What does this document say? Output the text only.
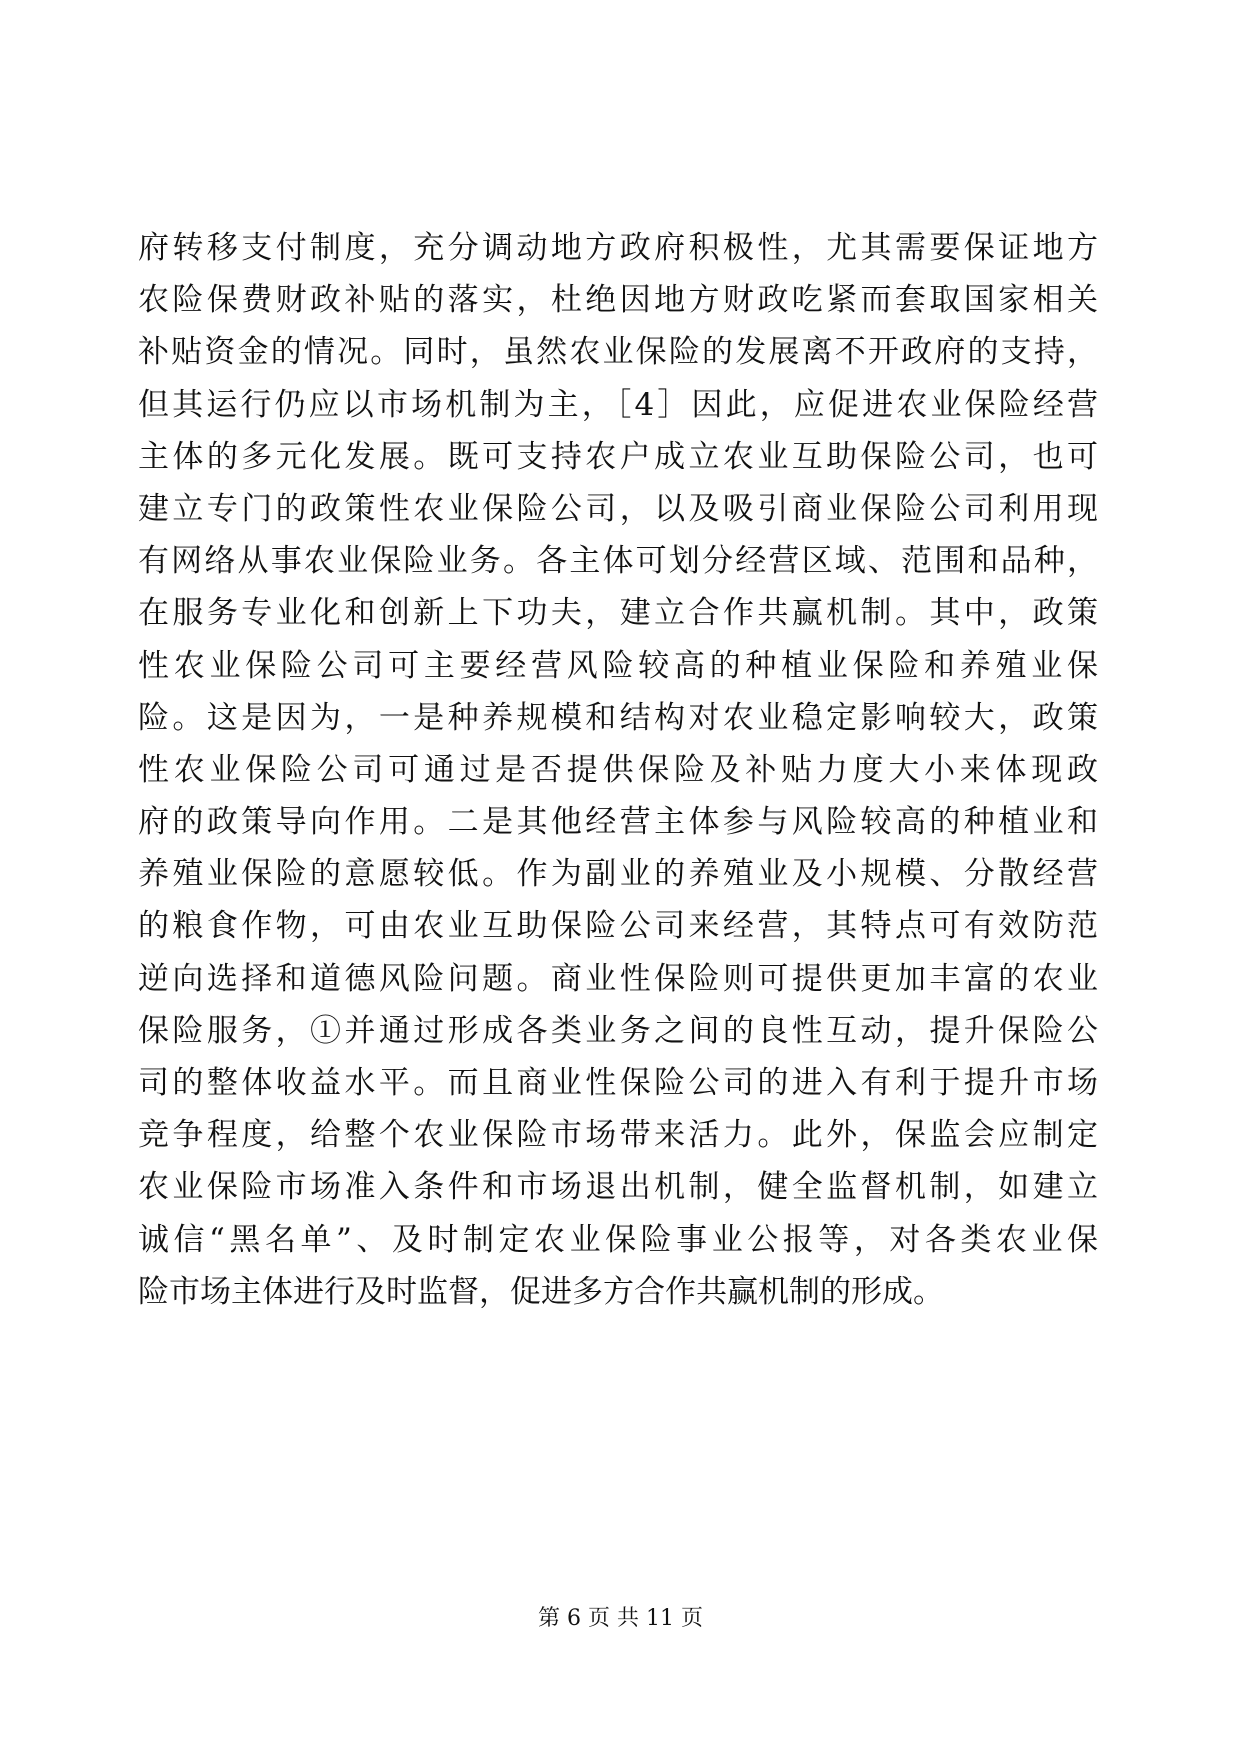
府转移支付制度，充分调动地方政府积极性，尤其需要保证地方
农险保费财政补贴的落实，杜绝因地方财政吃紧而套取国家相关
补贴资金的情况。同时，虽然农业保险的发展离不开政府的支持，
但其运行仍应以市场机制为主，［4］因此，应促进农业保险经营
主体的多元化发展。既可支持农户成立农业互助保险公司，也可
建立专门的政策性农业保险公司，以及吸引商业保险公司利用现
有网络从事农业保险业务。各主体可划分经营区域、范围和品种，
在服务专业化和创新上下功夫，建立合作共赢机制。其中，政策
性农业保险公司可主要经营风险较高的种植业保险和养殖业保
险。这是因为，一是种养规模和结构对农业稳定影响较大，政策
性农业保险公司可通过是否提供保险及补贴力度大小来体现政
府的政策导向作用。二是其他经营主体参与风险较高的种植业和
养殖业保险的意愿较低。作为副业的养殖业及小规模、分散经营
的粮食作物，可由农业互助保险公司来经营，其特点可有效防范
逆向选择和道德风险问题。商业性保险则可提供更加丰富的农业
保险服务，①并通过形成各类业务之间的良性互动，提升保险公
司的整体收益水平。而且商业性保险公司的进入有利于提升市场
竞争程度，给整个农业保险市场带来活力。此外，保监会应制定
农业保险市场准入条件和市场退出机制，健全监督机制，如建立
诚信“黑名单”、及时制定农业保险事业公报等，对各类农业保
险市场主体进行及时监督，促进多方合作共赢机制的形成。
第 6 页 共 11 页
